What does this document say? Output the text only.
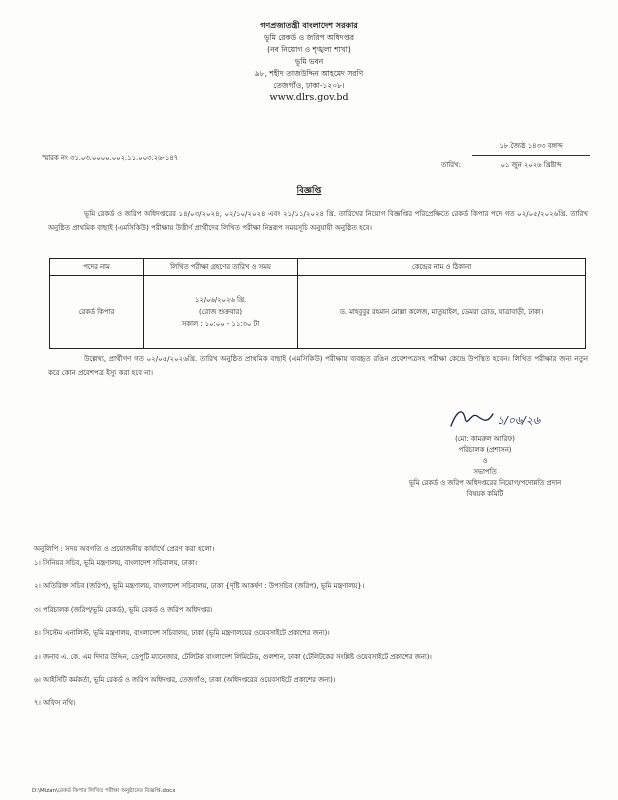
গণপ্রজাতন্ত্রী বাংলাদেশ সরকার
ভূমি রেকর্ড ও জরিপ অধিদপ্তর
(নব নিয়োগ ও শৃঙ্খলা শাখা)
ভূমি ভবন
৯৮, শহীদ তাজউদ্দিন আহমেদ সরণি
তেজগাঁও, ঢাকা-১২০৮।
www.dlrs.gov.bd
স্মারক নং ৩১.০৩.০০০০.০০২.১১.০০৩.২৬-১৪৭
তারিখ:
১৮ জ্যৈষ্ঠ ১৪৩৩ বঙ্গাব্দ
০১ জুন ২০২৬ খ্রিষ্টাব্দ
বিজ্ঞপ্তি
ভূমি রেকর্ড ও জরিপ অধিদপ্তরের ১৪/০৩/২০২৪, ০২/১০/২০২৪ এবং ২১/১১/২০২৪ খ্রি. তারিখের নিয়োগ বিজ্ঞপ্তির পরিপ্রেক্ষিতে রেকর্ড কিপার পদে গত ০২/০৫/২০২৬খ্রি. তারিখ অনুষ্ঠিত প্রাথমিক বাছাই (এমসিকিউ) পরীক্ষায় উত্তীর্ণ প্রার্থীদের লিখিত পরীক্ষা নিম্নরূপ সময়সূচি অনুযায়ী অনুষ্ঠিত হবে।
পদের নাম	লিখিত পরীক্ষা গ্রহণের তারিখ ও সময়	কেন্দ্রের নাম ও ঠিকানা
রেকর্ড কিপার	১২/০৬/২০২৬ খ্রি.
(রোজ শুক্রবার)
সকাল : ১০:০০ - ১১:৩০ টা	ড. মাহবুবুর রহমান মোল্লা কলেজ, মাতুয়াইল, ডেমরা রোড, যাত্রাবাড়ী, ঢাকা।
উল্লেখ্য, প্রার্থীগণ গত ০২/০৫/২০২৬খ্রি. তারিখ অনুষ্ঠিত প্রাথমিক বাছাই (এমসিকিউ) পরীক্ষায় ব্যবহৃত রঙিন প্রবেশপত্রসহ পরীক্ষা কেন্দ্রে উপস্থিত হবেন। লিখিত পরীক্ষার জন্য নতুন করে কোন প্রবেশপত্র ইস্যু করা হবে না।
১/০৬/২৬
(মো: কামরুল আরিফ)
পরিচালক (প্রশাসন)
ও
সভাপতি
ভূমি রেকর্ড ও জরিপ অধিদপ্তরের নিয়োগ/পদোন্নতি প্রদান
বিষয়ক কমিটি
অনুলিপি : সদয় অবগতি ও প্রয়োজনীয় কার্যার্থে প্রেরণ করা হলো।
১। সিনিয়র সচিব, ভূমি মন্ত্রণালয়, বাংলাদেশ সচিবালয়, ঢাকা।
২। অতিরিক্ত সচিব (জরিপ), ভূমি মন্ত্রণালয়, বাংলাদেশ সচিবালয়, ঢাকা {দৃষ্টি আকর্ষণ : উপসচিব (জরিপ), ভূমি মন্ত্রণালয়}।
৩। পরিচালক (জরিপ/ভূমি রেকর্ড), ভূমি রেকর্ড ও জরিপ অধিদপ্তর।
৪। সিস্টেম এনালিস্ট, ভূমি মন্ত্রণালয়, বাংলাদেশ সচিবালয়, ঢাকা (ভূমি মন্ত্রণালয়ের ওয়েবসাইটে প্রকাশের জন্য)।
৫। জনাব এ. কে. এম দিদার উদ্দিন, ডেপুটি ম্যানেজার, টেলিটক বাংলাদেশ লিমিটেড, গুলশান, ঢাকা (টেলিটকের সংশ্লিষ্ট ওয়েবসাইটে প্রকাশের জন্য)।
৬। আইসিটি কর্মকর্তা, ভূমি রেকর্ড ও জরিপ অধিদপ্তর, তেজগাঁও, ঢাকা (অধিদপ্তরের ওয়েবসাইটে প্রকাশের জন্য)।
৭। অফিস নথি।
D:\Mizan\রেকর্ড কিপার লিখিত পরীক্ষা অনুষ্ঠানের বিজ্ঞপ্তি.docx
